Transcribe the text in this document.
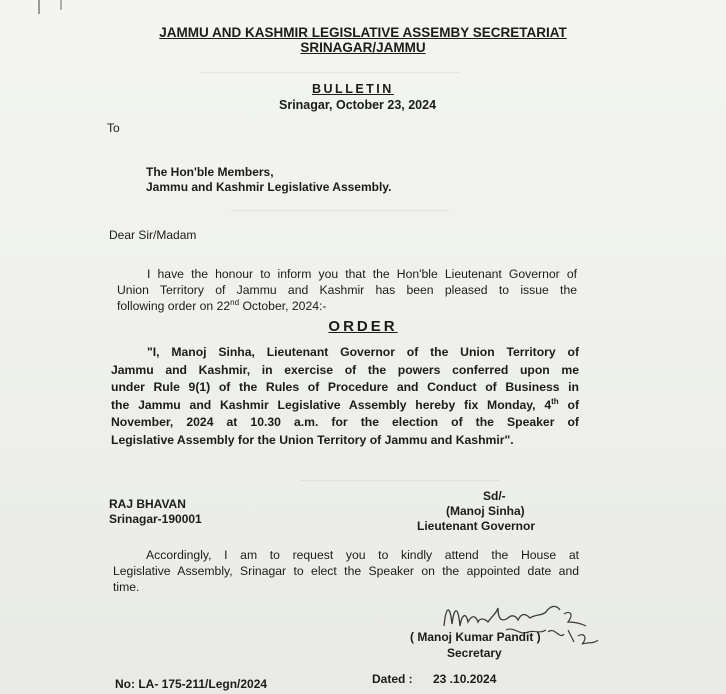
JAMMU AND KASHMIR LEGISLATIVE ASSEMBY SECRETARIAT
SRINAGAR/JAMMU
BULLETIN
Srinagar, October 23, 2024
To
The Hon'ble Members,
Jammu and Kashmir Legislative Assembly.
Dear Sir/Madam
I have the honour to inform you that the Hon'ble Lieutenant Governor of
Union Territory of Jammu and Kashmir has been pleased to issue the
following order on 22nd October, 2024:-
ORDER
"I, Manoj Sinha, Lieutenant Governor of the Union Territory of
Jammu and Kashmir, in exercise of the powers conferred upon me
under Rule 9(1) of the Rules of Procedure and Conduct of Business in
the Jammu and Kashmir Legislative Assembly hereby fix Monday, 4th of
November, 2024 at 10.30 a.m. for the election of the Speaker of
Legislative Assembly for the Union Territory of Jammu and Kashmir".
RAJ BHAVAN
Srinagar-190001
Sd/-
(Manoj Sinha)
Lieutenant Governor
Accordingly, I am to request you to kindly attend the House at
Legislative Assembly, Srinagar to elect the Speaker on the appointed date and
time.
( Manoj Kumar Pandit )
Secretary
No: LA- 175-211/Legn/2024	Dated : 23 .10.2024
